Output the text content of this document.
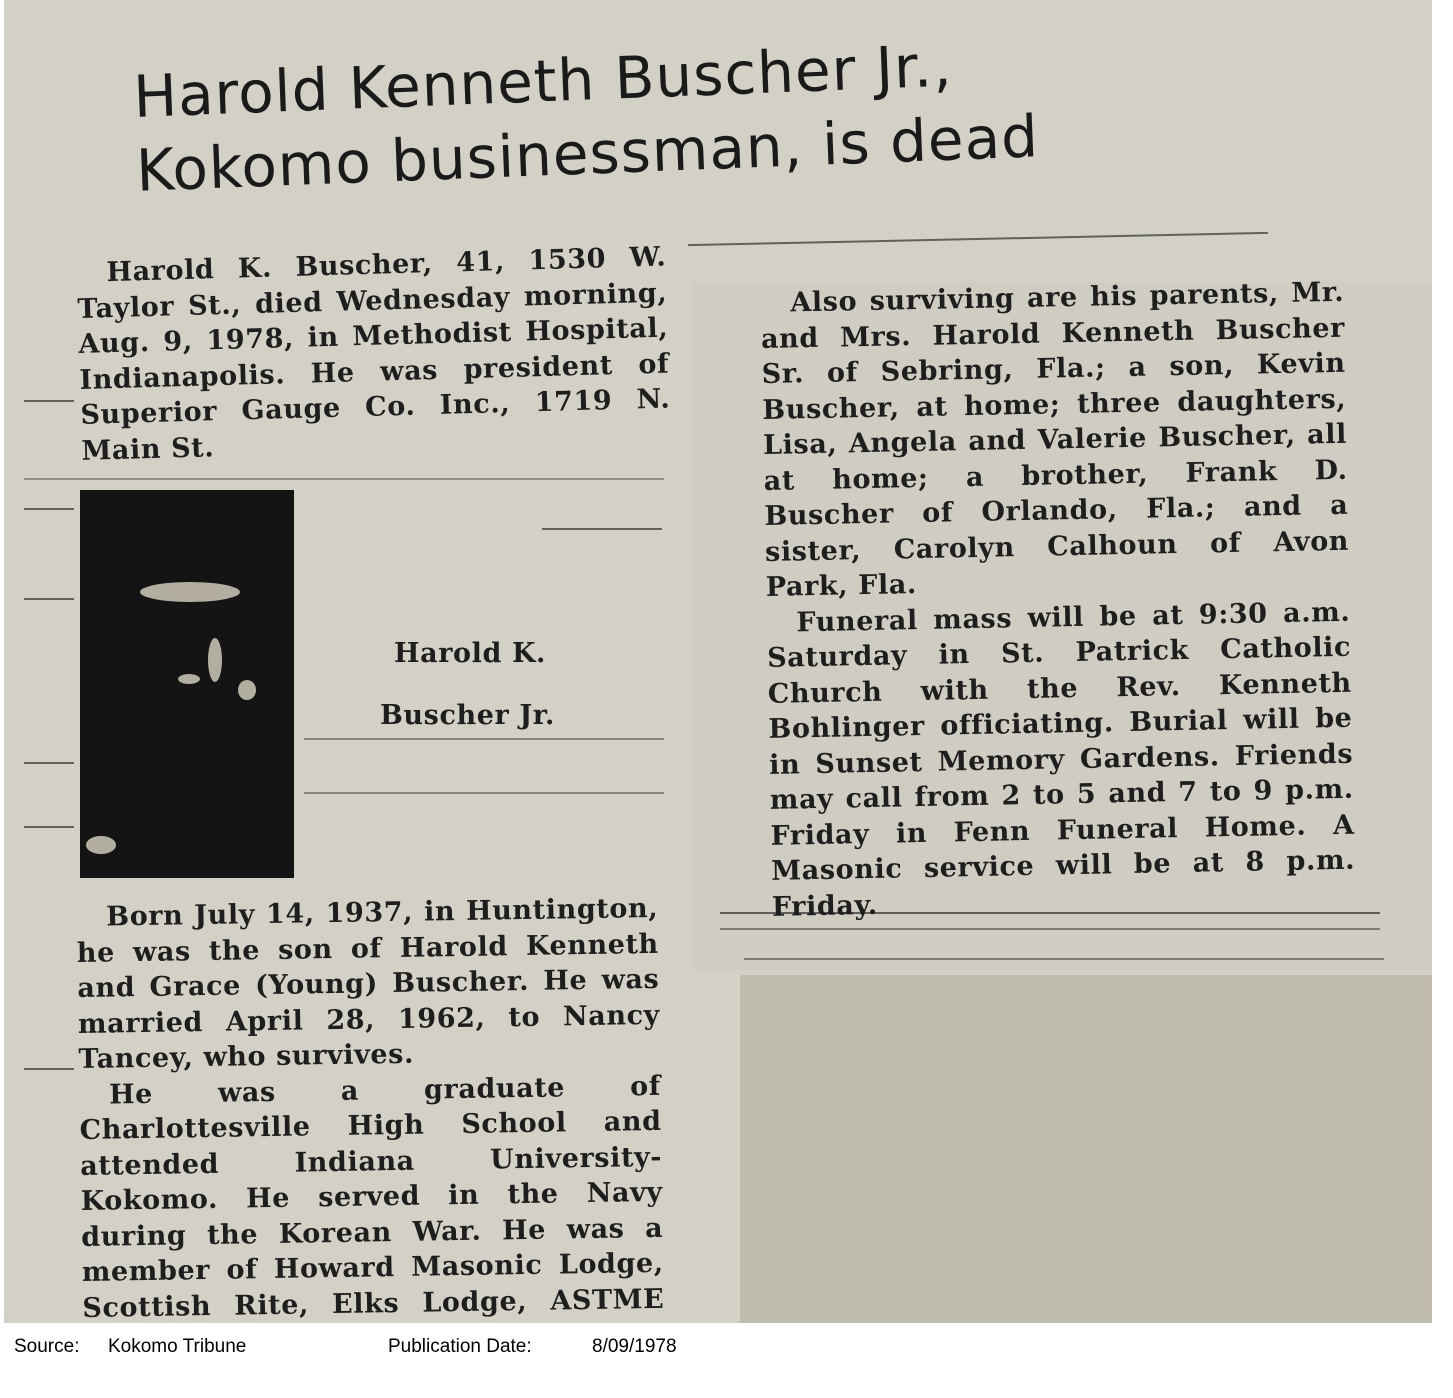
Harold Kenneth Buscher Jr.,
Kokomo businessman, is dead

Harold K. Buscher, 41, 1530 W. Taylor St., died Wednesday morning, Aug. 9, 1978, in Methodist Hospital, Indianapolis. He was president of Superior Gauge Co. Inc., 1719 N. Main St.

Harold K.
Buscher Jr.

Born July 14, 1937, in Huntington, he was the son of Harold Kenneth and Grace (Young) Buscher. He was married April 28, 1962, to Nancy Tancey, who survives.

He was a graduate of Charlottesville High School and attended Indiana University-Kokomo. He served in the Navy during the Korean War. He was a member of Howard Masonic Lodge, Scottish Rite, Elks Lodge, ASTME

Also surviving are his parents, Mr. and Mrs. Harold Kenneth Buscher Sr. of Sebring, Fla.; a son, Kevin Buscher, at home; three daughters, Lisa, Angela and Valerie Buscher, all at home; a brother, Frank D. Buscher of Orlando, Fla.; and a sister, Carolyn Calhoun of Avon Park, Fla.

Funeral mass will be at 9:30 a.m. Saturday in St. Patrick Catholic Church with the Rev. Kenneth Bohlinger officiating. Burial will be in Sunset Memory Gardens. Friends may call from 2 to 5 and 7 to 9 p.m. Friday in Fenn Funeral Home. A Masonic service will be at 8 p.m. Friday.

Source: Kokomo Tribune	Publication Date:	8/09/1978
